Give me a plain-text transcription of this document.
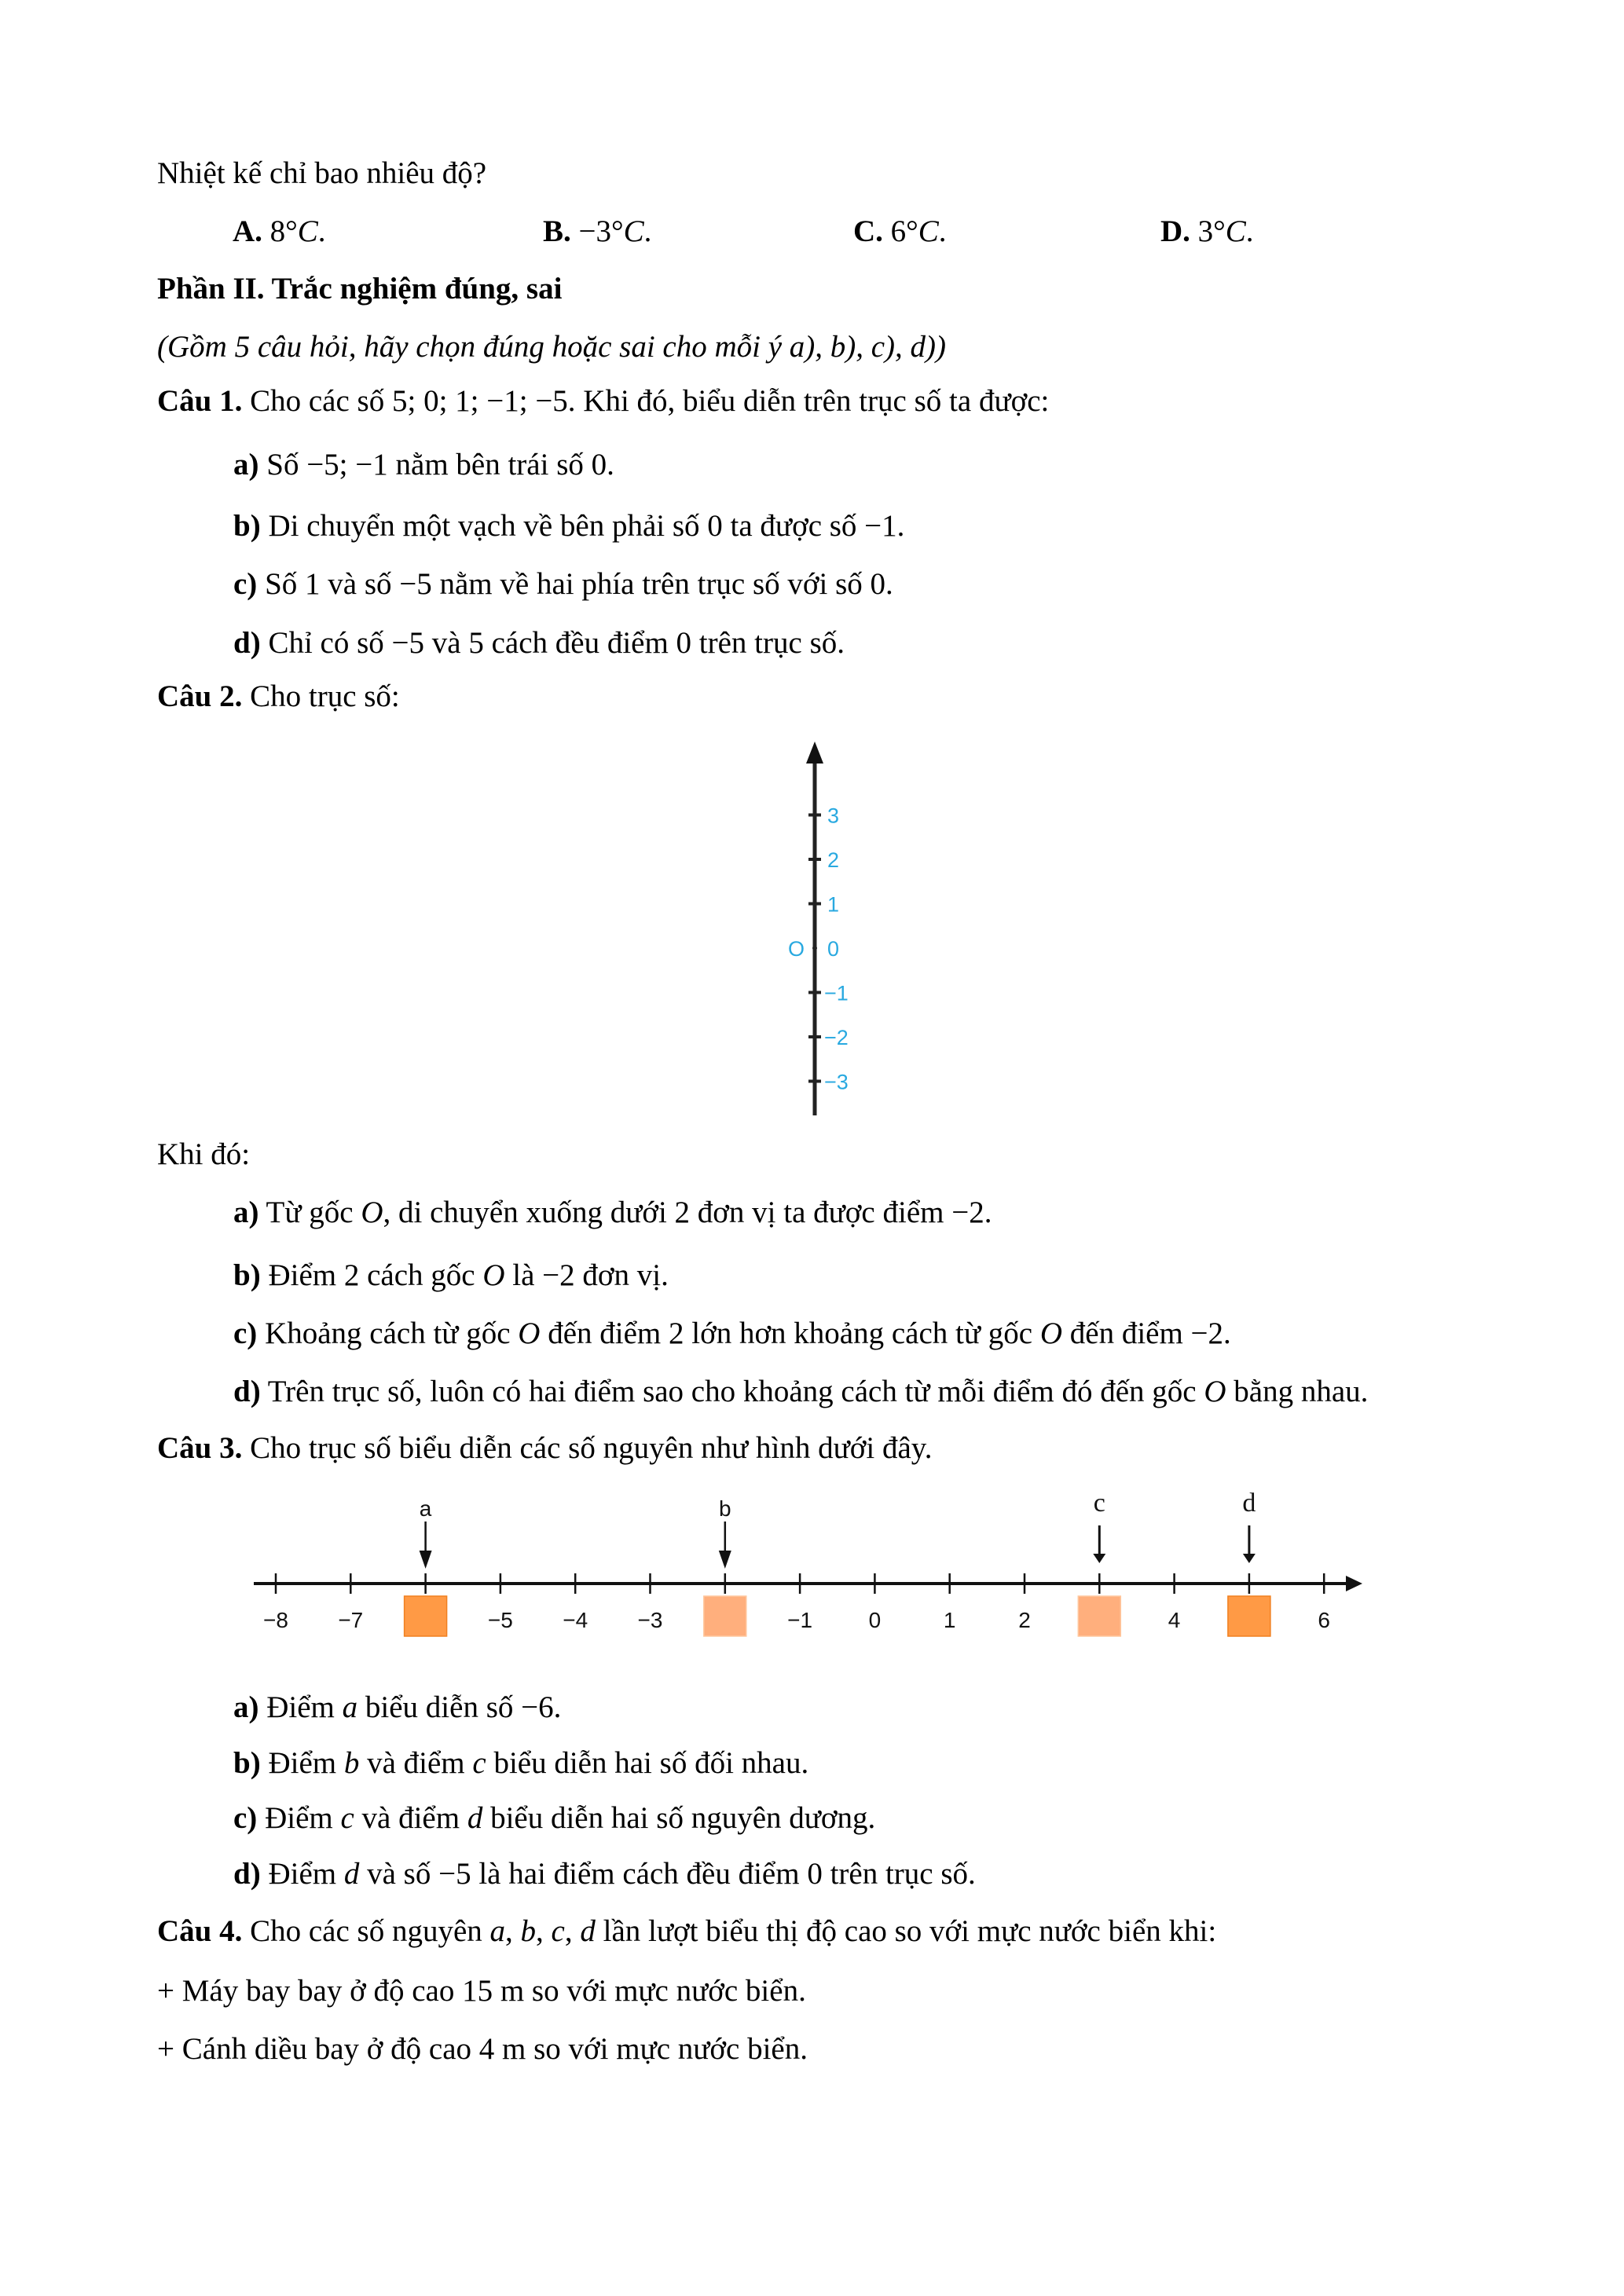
Nhiệt kế chỉ bao nhiêu độ?
A. 8°C.	B. −3°C.	C. 6°C.	D. 3°C.
Phần II. Trắc nghiệm đúng, sai
(Gồm 5 câu hỏi, hãy chọn đúng hoặc sai cho mỗi ý a), b), c), d))
Câu 1. Cho các số 5; 0; 1; −1; −5. Khi đó, biểu diễn trên trục số ta được:
a) Số −5; −1 nằm bên trái số 0.
b) Di chuyển một vạch về bên phải số 0 ta được số −1.
c) Số 1 và số −5 nằm về hai phía trên trục số với số 0.
d) Chỉ có số −5 và 5 cách đều điểm 0 trên trục số.
Câu 2. Cho trục số:
3
2
1
0
−1
−2
−3
O
Khi đó:
a) Từ gốc O, di chuyển xuống dưới 2 đơn vị ta được điểm −2.
b) Điểm 2 cách gốc O là −2 đơn vị.
c) Khoảng cách từ gốc O đến điểm 2 lớn hơn khoảng cách từ gốc O đến điểm −2.
d) Trên trục số, luôn có hai điểm sao cho khoảng cách từ mỗi điểm đó đến gốc O bằng nhau.
Câu 3. Cho trục số biểu diễn các số nguyên như hình dưới đây.
−8 −7	−5 −4 −3	−1	0	1	2	4	6
a	b	c	d
a) Điểm a biểu diễn số −6.
b) Điểm b và điểm c biểu diễn hai số đối nhau.
c) Điểm c và điểm d biểu diễn hai số nguyên dương.
d) Điểm d và số −5 là hai điểm cách đều điểm 0 trên trục số.
Câu 4. Cho các số nguyên a, b, c, d lần lượt biểu thị độ cao so với mực nước biển khi:
+ Máy bay bay ở độ cao 15 m so với mực nước biển.
+ Cánh diều bay ở độ cao 4 m so với mực nước biển.
